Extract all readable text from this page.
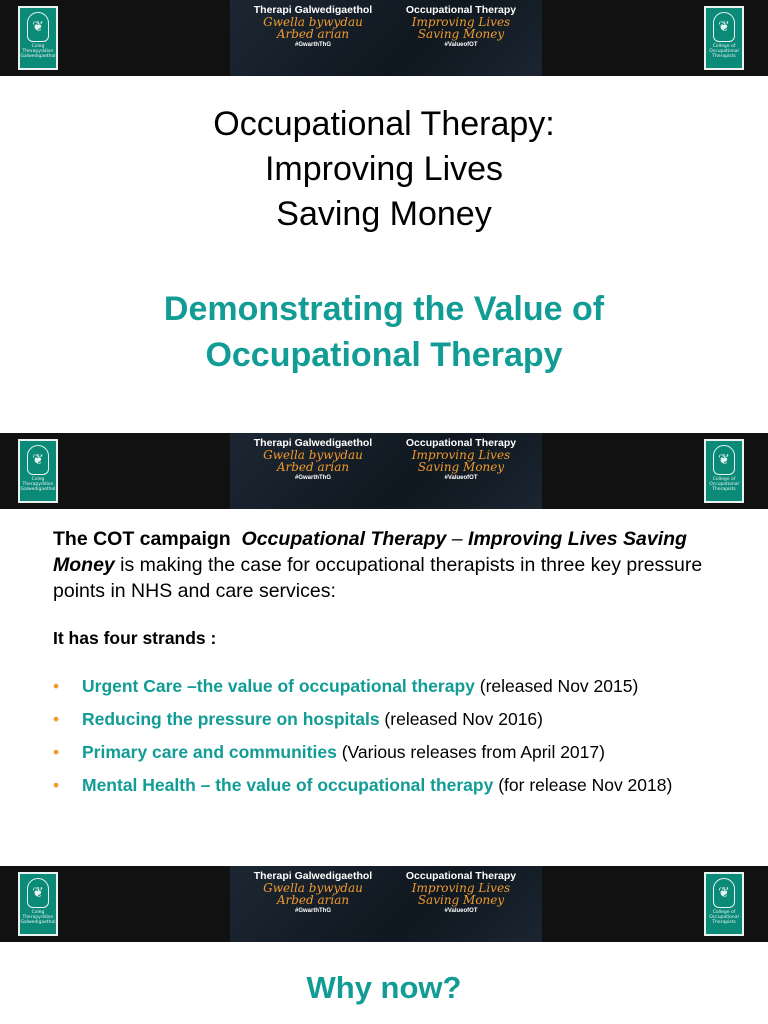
❦
Coleg Therapyddion Galwedigaethol
Therapi Galwedigaethol
Gwella bywydau
Arbed arian
#GwarthThG
Occupational Therapy
Improving Lives
Saving Money
#ValueofOT
❦
College of Occupational Therapists
Occupational Therapy:
Improving Lives
Saving Money
Demonstrating the Value of
Occupational Therapy
❦
Coleg Therapyddion Galwedigaethol
Therapi Galwedigaethol
Gwella bywydau
Arbed arian
#GwarthThG
Occupational Therapy
Improving Lives
Saving Money
#ValueofOT
❦
College of Occupational Therapists
The COT campaign Occupational Therapy – Improving Lives Saving Money is making the case for occupational therapists in three key pressure points in NHS and care services:
It has four strands :
• Urgent Care –the value of occupational therapy (released Nov 2015)
• Reducing the pressure on hospitals (released Nov 2016)
• Primary care and communities (Various releases from April 2017)
• Mental Health – the value of occupational therapy (for release Nov 2018)
❦
Coleg Therapyddion Galwedigaethol
Therapi Galwedigaethol
Gwella bywydau
Arbed arian
#GwarthThG
Occupational Therapy
Improving Lives
Saving Money
#ValueofOT
❦
College of Occupational Therapists
Why now?
